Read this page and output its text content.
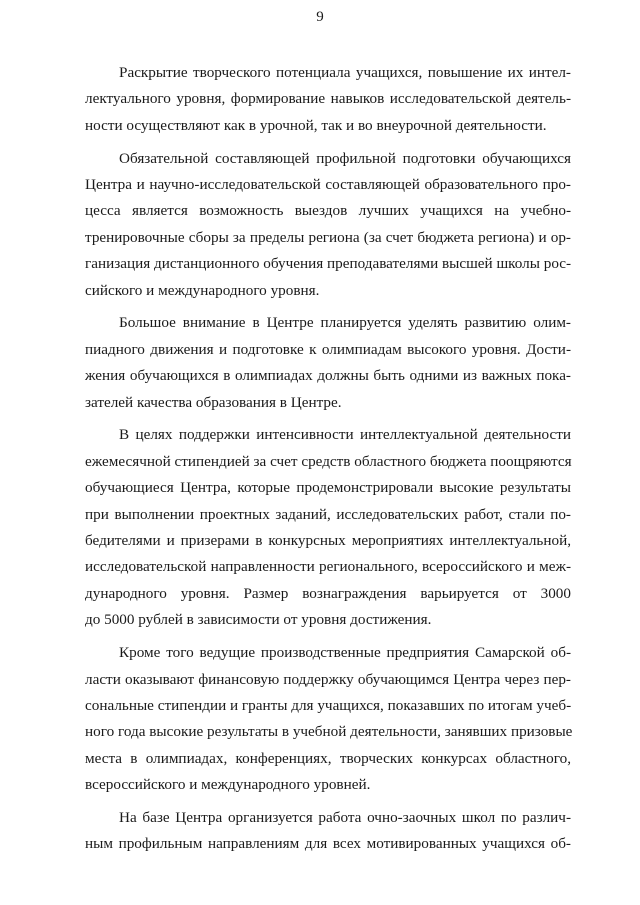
9

Раскрытие творческого потенциала учащихся, повышение их интел-
лектуального уровня, формирование навыков исследовательской деятель-
ности осуществляют как в урочной, так и во внеурочной деятельности.

Обязательной составляющей профильной подготовки обучающихся
Центра и научно-исследовательской составляющей образовательного про-
цесса является возможность выездов лучших учащихся на учебно-
тренировочные сборы за пределы региона (за счет бюджета региона) и ор-
ганизация дистанционного обучения преподавателями высшей школы рос-
сийского и международного уровня.

Большое внимание в Центре планируется уделять развитию олим-
пиадного движения и подготовке к олимпиадам высокого уровня. Дости-
жения обучающихся в олимпиадах должны быть одними из важных пока-
зателей качества образования в Центре.

В целях поддержки интенсивности интеллектуальной деятельности
ежемесячной стипендией за счет средств областного бюджета поощряются
обучающиеся Центра, которые продемонстрировали высокие результаты
при выполнении проектных заданий, исследовательских работ, стали по-
бедителями и призерами в конкурсных мероприятиях интеллектуальной,
исследовательской направленности регионального, всероссийского и меж-
дународного уровня. Размер вознаграждения варьируется от 3000
до 5000 рублей в зависимости от уровня достижения.

Кроме того ведущие производственные предприятия Самарской об-
ласти оказывают финансовую поддержку обучающимся Центра через пер-
сональные стипендии и гранты для учащихся, показавших по итогам учеб-
ного года высокие результаты в учебной деятельности, занявших призовые
места в олимпиадах, конференциях, творческих конкурсах областного,
всероссийского и международного уровней.

На базе Центра организуется работа очно-заочных школ по различ-
ным профильным направлениям для всех мотивированных учащихся об-
